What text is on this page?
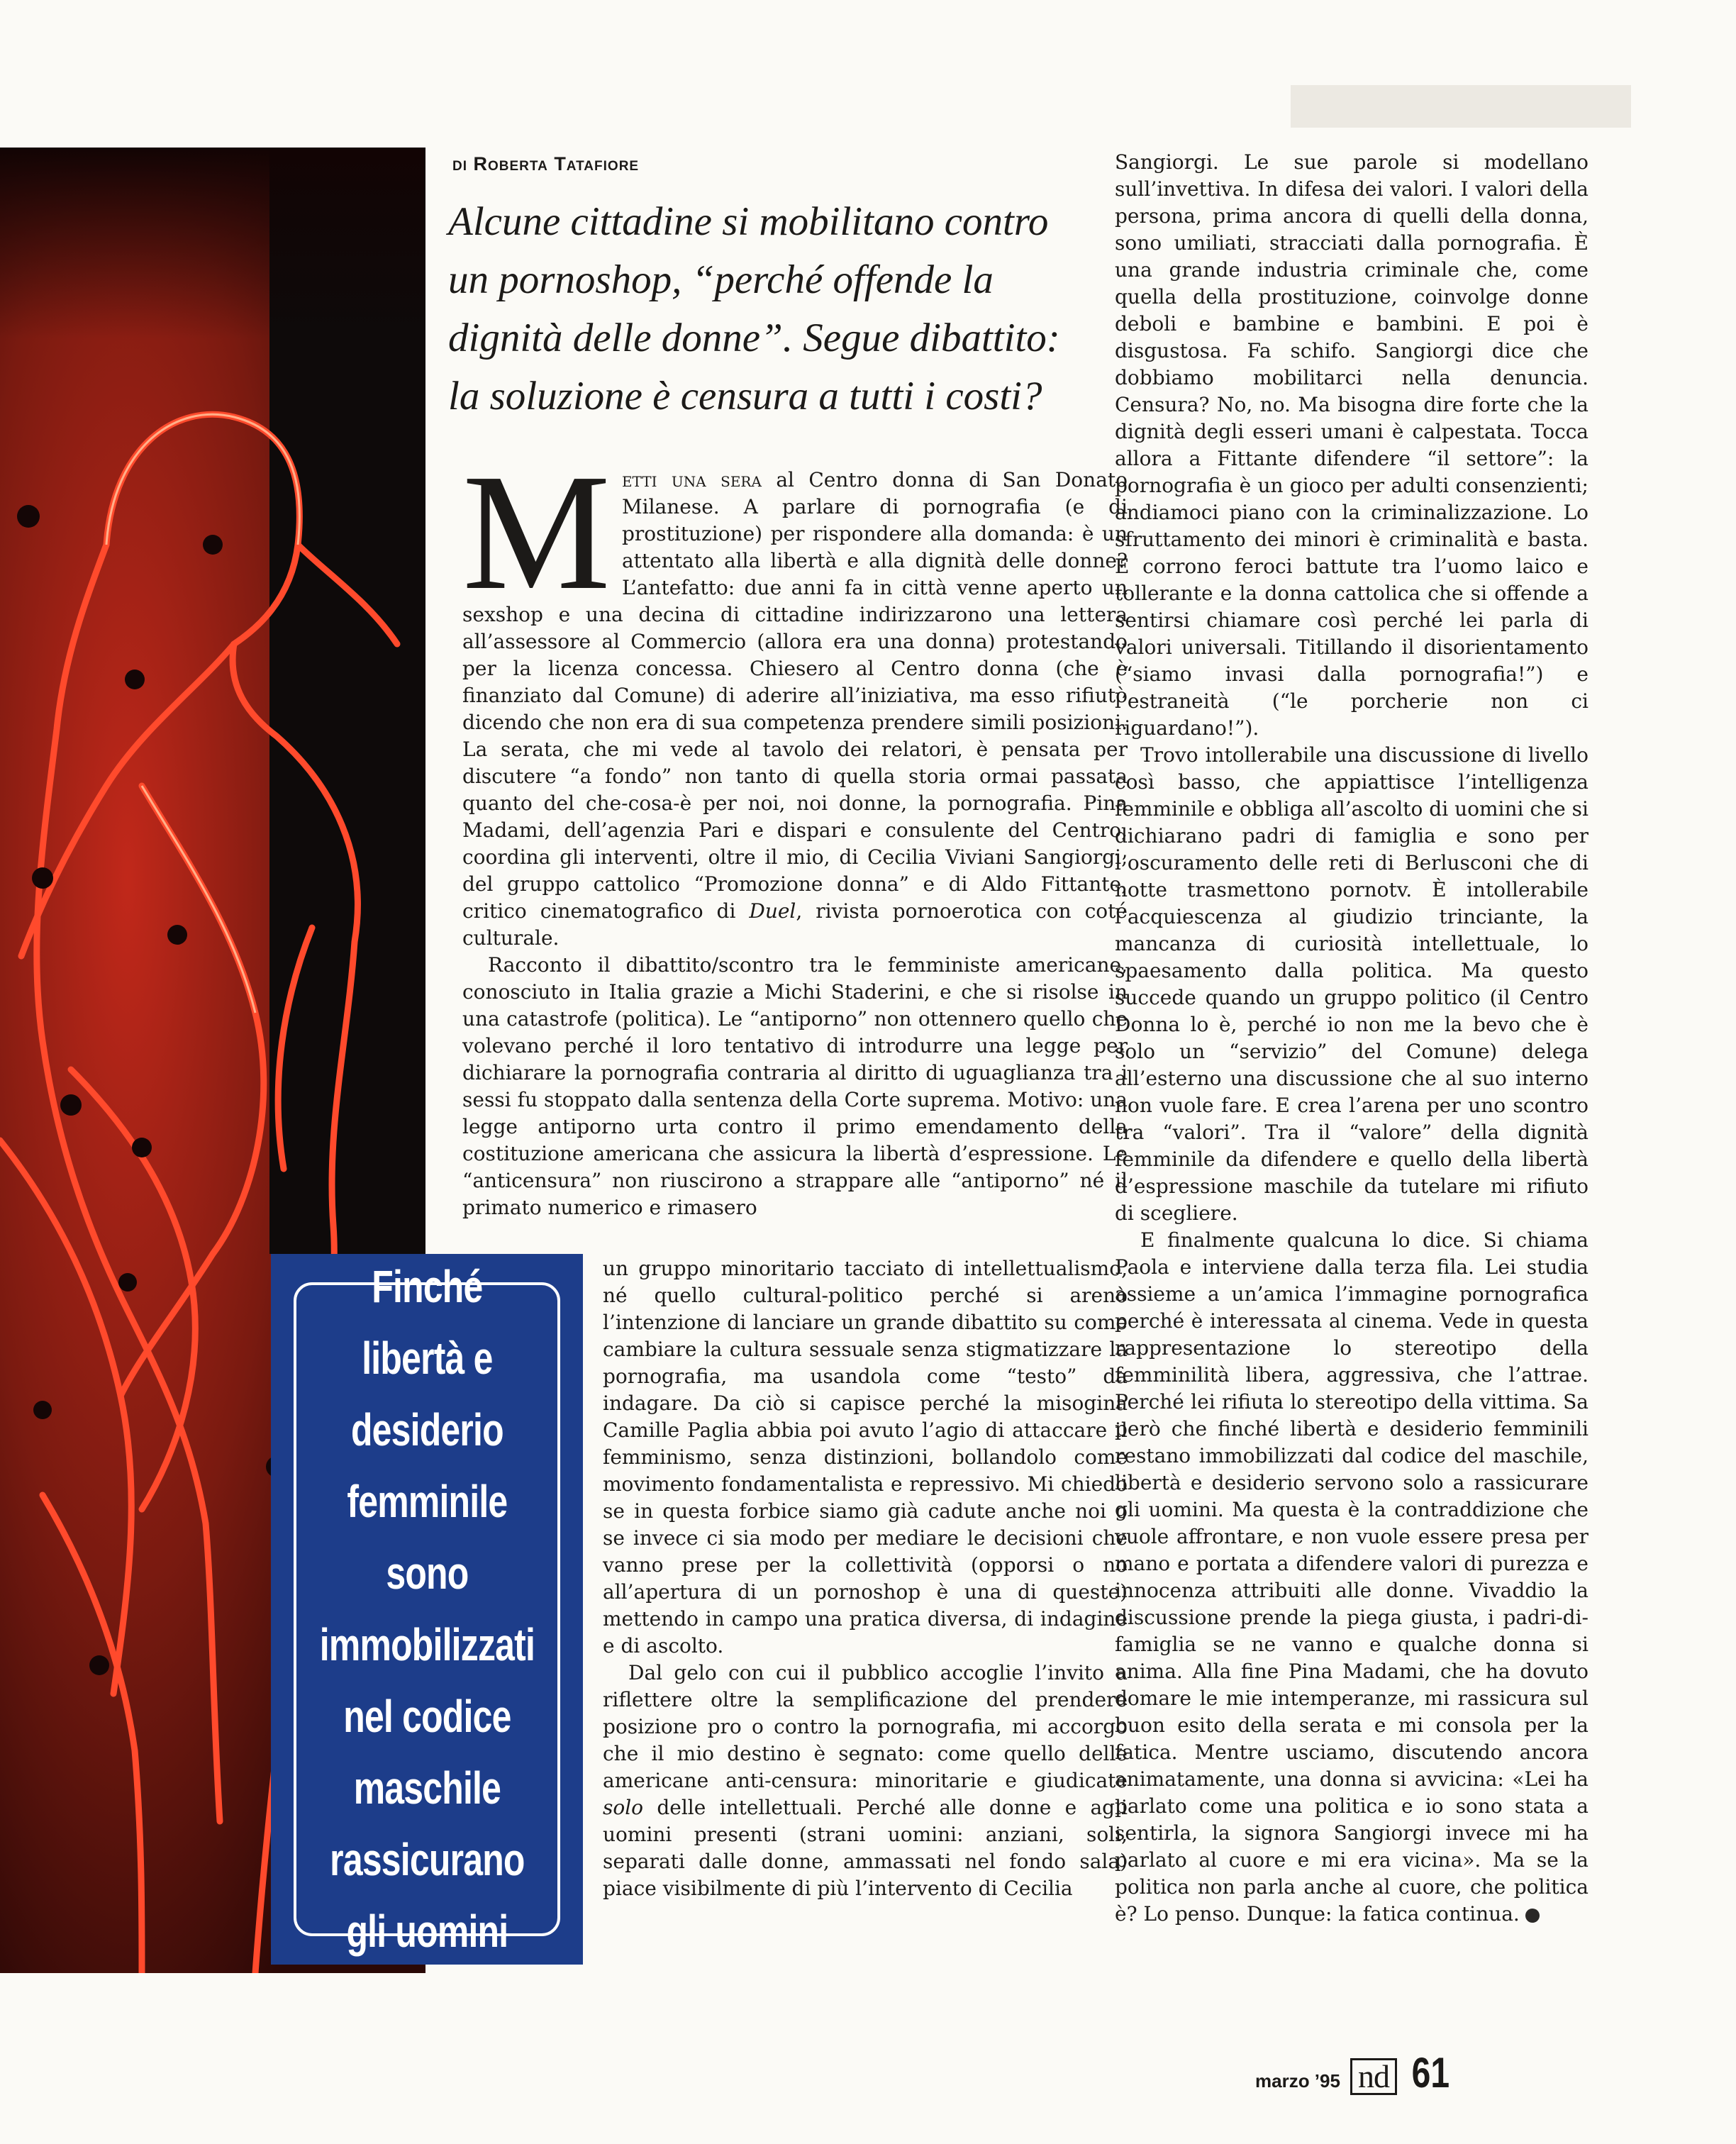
Finché libertà e desiderio femminile sono immobilizzati nel codice maschile rassicurano gli uomini

di Roberta Tatafiore

Alcune cittadine si mobilitano contro un pornoshop, “perché offende la dignità delle donne”. Segue dibattito: la soluzione è censura a tutti i costi?

Metti una sera al Centro donna di San Donato Milanese. A parlare di pornografia (e di prostituzione) per rispondere alla domanda: è un attentato alla libertà e alla dignità delle donne? L’antefatto: due anni fa in città venne aperto un sexshop e una decina di cittadine indirizzarono una lettera all’assessore al Commercio (allora era una donna) protestando per la licenza concessa. Chiesero al Centro donna (che è finanziato dal Comune) di aderire all’iniziativa, ma esso rifiutò dicendo che non era di sua competenza prendere simili posizioni. La serata, che mi vede al tavolo dei relatori, è pensata per discutere “a fondo” non tanto di quella storia ormai passata quanto del che-cosa-è per noi, noi donne, la pornografia. Pina Madami, dell’agenzia Pari e dispari e consulente del Centro, coordina gli interventi, oltre il mio, di Cecilia Viviani Sangiorgi, del gruppo cattolico “Promozione donna” e di Aldo Fittante, critico cinematografico di Duel, rivista pornoerotica con coté culturale.

Racconto il dibattito/scontro tra le femministe americane, conosciuto in Italia grazie a Michi Staderini, e che si risolse in una catastrofe (politica). Le “antiporno” non ottennero quello che volevano perché il loro tentativo di introdurre una legge per dichiarare la pornografia contraria al diritto di uguaglianza tra i sessi fu stoppato dalla sentenza della Corte suprema. Motivo: una legge antiporno urta contro il primo emendamento della costituzione americana che assicura la libertà d’espressione. Le “anticensura” non riuscirono a strappare alle “antiporno” né il primato numerico e rimasero

un gruppo minoritario tacciato di intellettualismo, né quello cultural-politico perché si arenò l’intenzione di lanciare un grande dibattito su come cambiare la cultura sessuale senza stigmatizzare la pornografia, ma usandola come “testo” da indagare. Da ciò si capisce perché la misogina Camille Paglia abbia poi avuto l’agio di attaccare il femminismo, senza distinzioni, bollandolo come movimento fondamentalista e repressivo. Mi chiedo se in questa forbice siamo già cadute anche noi o se invece ci sia modo per mediare le decisioni che vanno prese per la collettività (opporsi o no all’apertura di un pornoshop è una di queste) mettendo in campo una pratica diversa, di indagine e di ascolto.

Dal gelo con cui il pubblico accoglie l’invito a riflettere oltre la semplificazione del prendere posizione pro o contro la pornografia, mi accorgo che il mio destino è segnato: come quello delle americane anti-censura: minoritarie e giudicate solo delle intellettuali. Perché alle donne e agli uomini presenti (strani uomini: anziani, soli, separati dalle donne, ammassati nel fondo sala) piace visibilmente di più l’intervento di Cecilia

Sangiorgi. Le sue parole si modellano sull’invettiva. In difesa dei valori. I valori della persona, prima ancora di quelli della donna, sono umiliati, stracciati dalla pornografia. È una grande industria criminale che, come quella della prostituzione, coinvolge donne deboli e bambine e bambini. E poi è disgustosa. Fa schifo. Sangiorgi dice che dobbiamo mobilitarci nella denuncia. Censura? No, no. Ma bisogna dire forte che la dignità degli esseri umani è calpestata. Tocca allora a Fittante difendere “il settore”: la pornografia è un gioco per adulti consenzienti; andiamoci piano con la criminalizzazione. Lo sfruttamento dei minori è criminalità e basta. E corrono feroci battute tra l’uomo laico e tollerante e la donna cattolica che si offende a sentirsi chiamare così perché lei parla di valori universali. Titillando il disorientamento (“siamo invasi dalla pornografia!”) e l’estraneità (“le porcherie non ci riguardano!”).

Trovo intollerabile una discussione di livello così basso, che appiattisce l’intelligenza femminile e obbliga all’ascolto di uomini che si dichiarano padri di famiglia e sono per l’oscuramento delle reti di Berlusconi che di notte trasmettono pornotv. È intollerabile l’acquiescenza al giudizio trinciante, la mancanza di curiosità intellettuale, lo spaesamento dalla politica. Ma questo succede quando un gruppo politico (il Centro Donna lo è, perché io non me la bevo che è solo un “servizio” del Comune) delega all’esterno una discussione che al suo interno non vuole fare. E crea l’arena per uno scontro tra “valori”. Tra il “valore” della dignità femminile da difendere e quello della libertà d’espressione maschile da tutelare mi rifiuto di scegliere.

E finalmente qualcuna lo dice. Si chiama Paola e interviene dalla terza fila. Lei studia assieme a un’amica l’immagine pornografica perché è interessata al cinema. Vede in questa rappresentazione lo stereotipo della femminilità libera, aggressiva, che l’attrae. Perché lei rifiuta lo stereotipo della vittima. Sa però che finché libertà e desiderio femminili restano immobilizzati dal codice del maschile, libertà e desiderio servono solo a rassicurare gli uomini. Ma questa è la contraddizione che vuole affrontare, e non vuole essere presa per mano e portata a difendere valori di purezza e innocenza attribuiti alle donne. Vivaddio la discussione prende la piega giusta, i padri-di-famiglia se ne vanno e qualche donna si anima. Alla fine Pina Madami, che ha dovuto domare le mie intemperanze, mi rassicura sul buon esito della serata e mi consola per la fatica. Mentre usciamo, discutendo ancora animatamente, una donna si avvicina: «Lei ha parlato come una politica e io sono stata a sentirla, la signora Sangiorgi invece mi ha parlato al cuore e mi era vicina». Ma se la politica non parla anche al cuore, che politica è? Lo penso. Dunque: la fatica continua.

marzo ’95 nd 61
